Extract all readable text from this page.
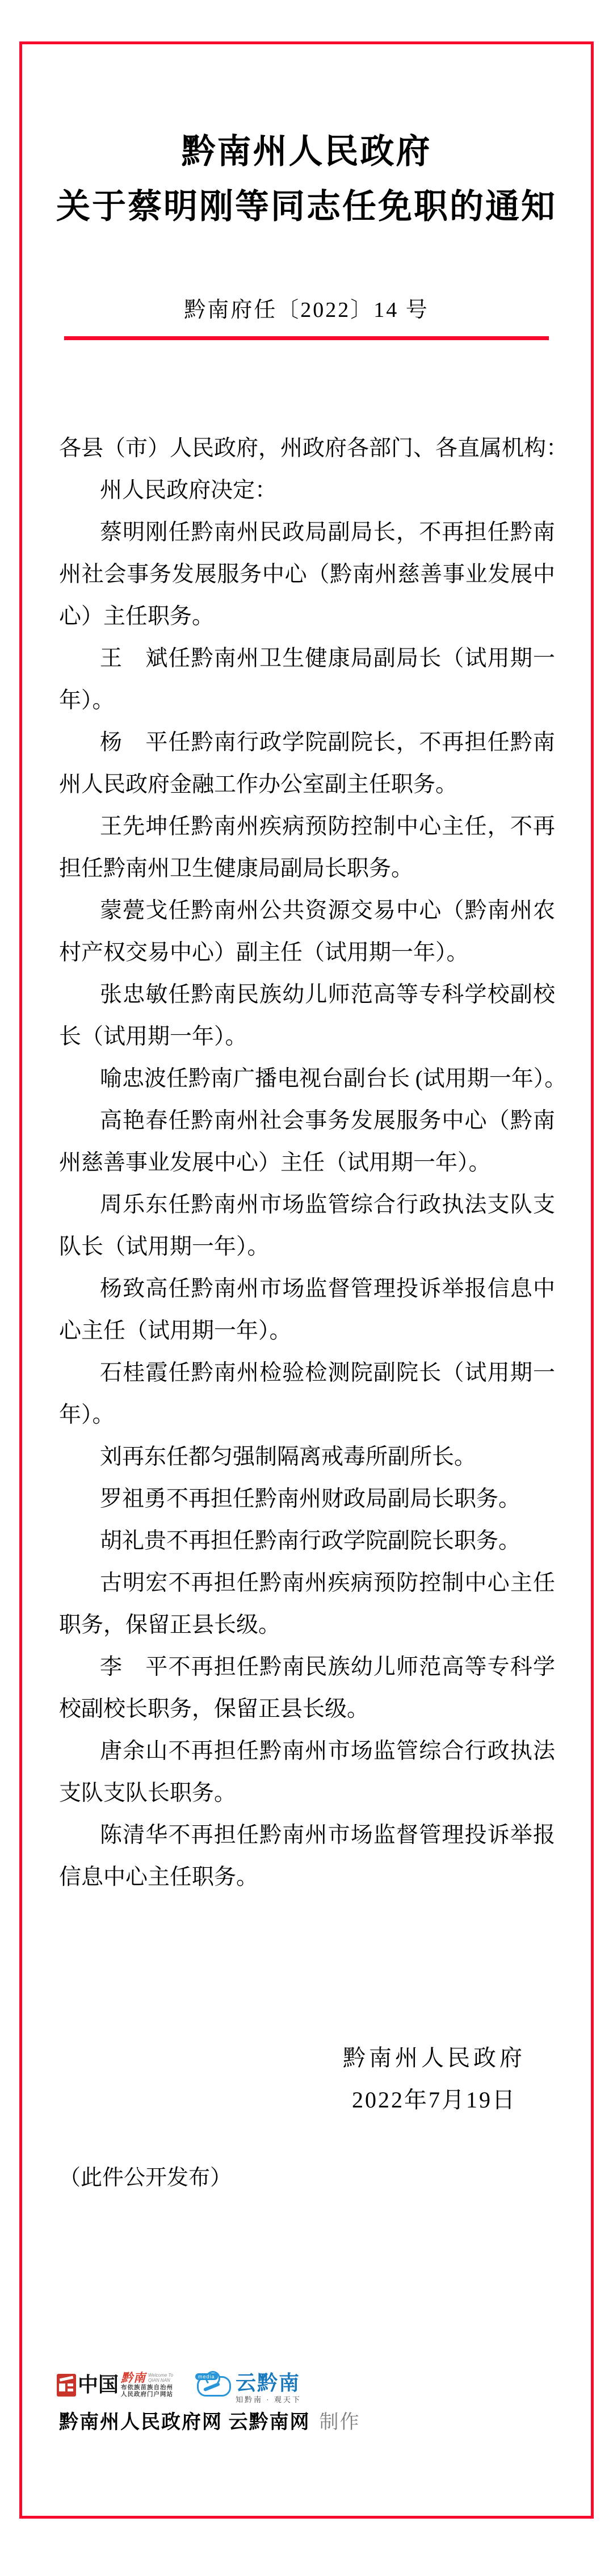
黔南州人民政府
关于蔡明刚等同志任免职的通知
黔南府任〔2022〕14 号

各县（市）人民政府，州政府各部门、各直属机构：

州人民政府决定：

蔡明刚任黔南州民政局副局长，不再担任黔南州社会事务发展服务中心（黔南州慈善事业发展中心）主任职务。

王　斌任黔南州卫生健康局副局长（试用期一年）。

杨　平任黔南行政学院副院长，不再担任黔南州人民政府金融工作办公室副主任职务。

王先坤任黔南州疾病预防控制中心主任，不再担任黔南州卫生健康局副局长职务。

蒙甍戈任黔南州公共资源交易中心（黔南州农村产权交易中心）副主任（试用期一年）。

张忠敏任黔南民族幼儿师范高等专科学校副校长（试用期一年）。

喻忠波任黔南广播电视台副台长 (试用期一年）。

高艳春任黔南州社会事务发展服务中心（黔南州慈善事业发展中心）主任（试用期一年）。

周乐东任黔南州市场监管综合行政执法支队支队长（试用期一年）。

杨致高任黔南州市场监督管理投诉举报信息中心主任（试用期一年）。

石桂霞任黔南州检验检测院副院长（试用期一年）。

刘再东任都匀强制隔离戒毒所副所长。

罗祖勇不再担任黔南州财政局副局长职务。

胡礼贵不再担任黔南行政学院副院长职务。

古明宏不再担任黔南州疾病预防控制中心主任职务，保留正县长级。

李　平不再担任黔南民族幼儿师范高等专科学校副校长职务，保留正县长级。

唐余山不再担任黔南州市场监管综合行政执法支队支队长职务。

陈清华不再担任黔南州市场监督管理投诉举报信息中心主任职务。

黔南州人民政府
2022年7月19日
（此件公开发布）
中国 黔南 Welcome To
QIAN NAN
布依族苗族自治州
人民政府门户网站
media 云黔南
知黔南 · 观天下
黔南州人民政府网 云黔南网 制作
